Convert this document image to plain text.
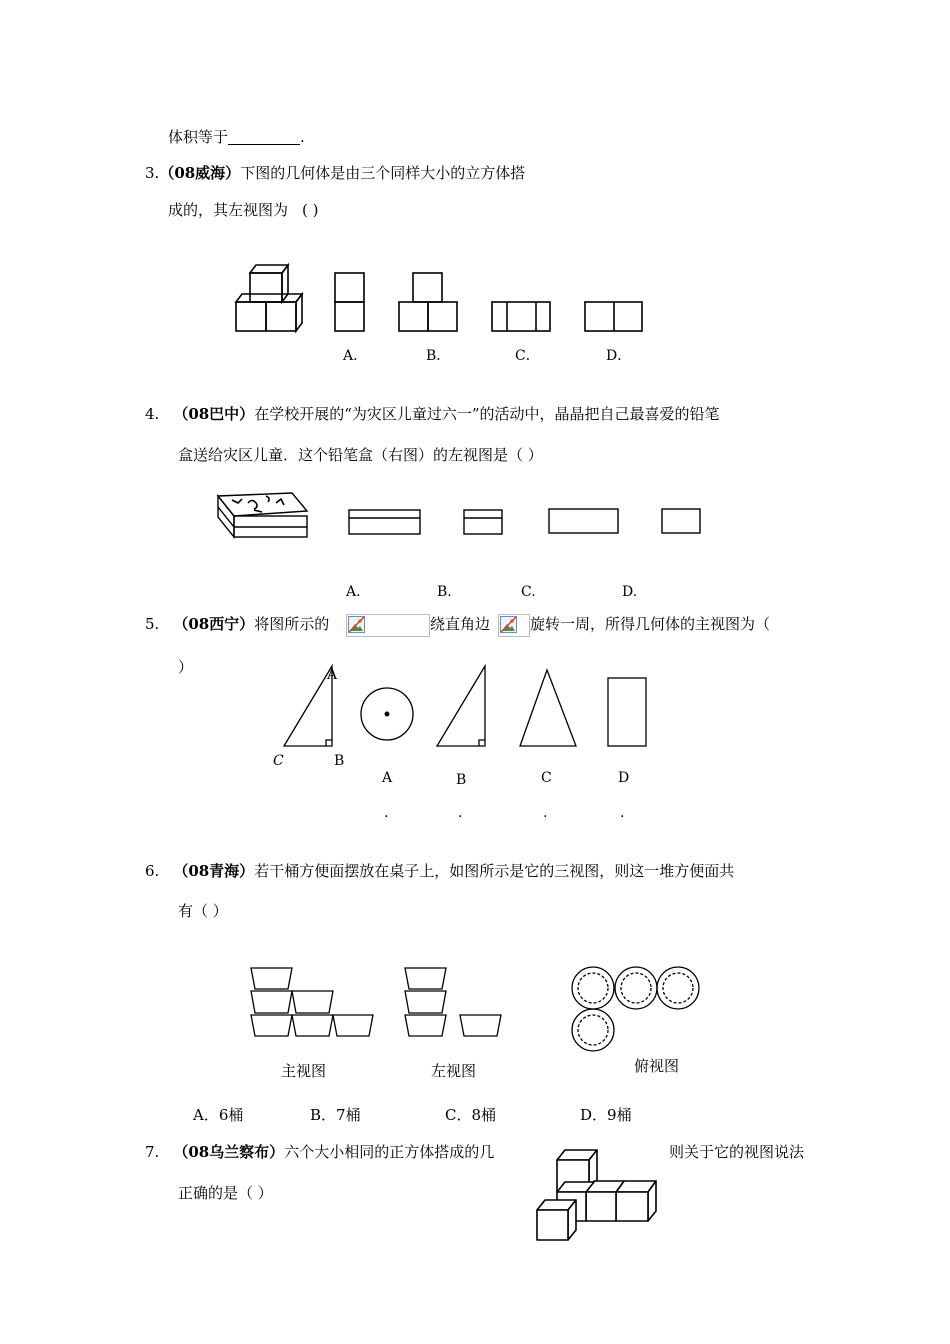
体积等于	.
3.（08威海）下图的几何体是由三个同样大小的立方体搭
成的，其左视图为 ( )
A．	B．	C．	D．
4. （08巴中）在学校开展的“为灾区儿童过六一”的活动中，晶晶把自己最喜爱的铅笔
盒送给灾区儿童．这个铅笔盒（右图）的左视图是（ ）
A.	B.	C.	D.
5. （08西宁）将图所示的	绕直角边	旋转一周，所得几何体的主视图为（
）	A
C	B
A	B	C	D
.	.	.	.
6. （08青海）若干桶方便面摆放在桌子上，如图所示是它的三视图，则这一堆方便面共
有（ ）
主视图	左视图	俯视图
A．6桶	B．7桶	C．8桶	D．9桶
7. （08乌兰察布）六个大小相同的正方体搭成的几	则关于它的视图说法
正确的是（ ）
